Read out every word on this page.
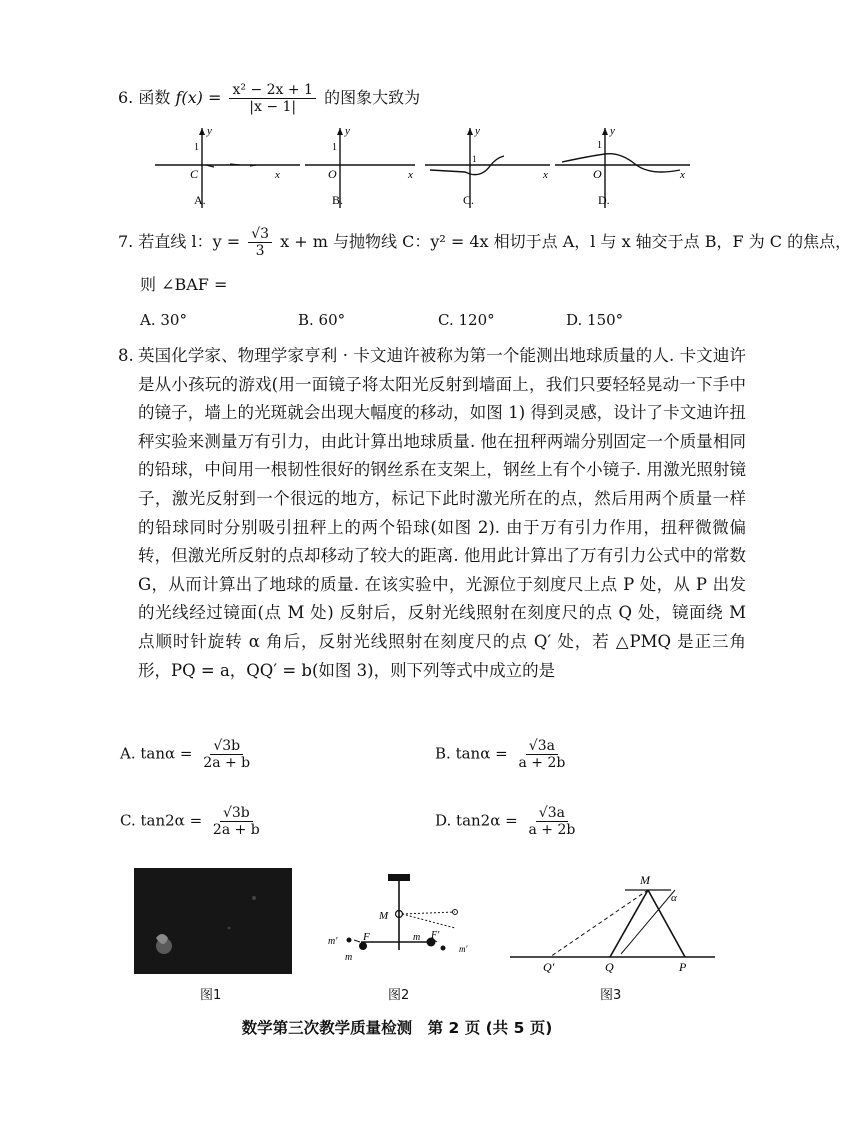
6. 函数 $f(x) = \frac{\text{x² − 2x + 1}}{|x - 1|}$ 的图象大致为
y
1
C	x
A.
y
1
O	x
B.
y
1
x
C.
y
1
O	x
D.
7. 若直线 l：$y = \frac{√3}{3}$ x + m 与抛物线 C：y² = 4x 相切于点 A，l 与 x 轴交于点 B，F 为 C 的焦点，
则 ∠BAF =
A. 30°	B. 60°	C. 120°	D. 150°
8. 英国化学家、物理学家亨利 · 卡文迪许被称为第一个能测出地球质量的人. 卡文迪许是从小孩玩的游戏(用一面镜子将太阳光反射到墙面上，我们只要轻轻晃动一下手中的镜子，墙上的光斑就会出现大幅度的移动，如图 1) 得到灵感，设计了卡文迪许扭秤实验来测量万有引力，由此计算出地球质量. 他在扭秤两端分别固定一个质量相同的铅球，中间用一根韧性很好的钢丝系在支架上，钢丝上有个小镜子. 用激光照射镜子，激光反射到一个很远的地方，标记下此时激光所在的点，然后用两个质量一样的铅球同时分别吸引扭秤上的两个铅球(如图 2). 由于万有引力作用，扭秤微微偏转，但激光所反射的点却移动了较大的距离. 他用此计算出了万有引力公式中的常数 G，从而计算出了地球的质量. 在该实验中，光源位于刻度尺上点 P 处，从 P 出发的光线经过镜面(点 M 处) 反射后，反射光线照射在刻度尺的点 Q 处，镜面绕 M 点顺时针旋转 α 角后，反射光线照射在刻度尺的点 Q′ 处，若 △PMQ 是正三角形，PQ = a，QQ′ = b(如图 3)，则下列等式中成立的是
A. $\tan\alpha = \frac{√3b}{2a + b}$	B. $\tan\alpha = \frac{√3a}{a + 2b}$
C. $\tan 2\alpha = \frac{√3b}{2a + b}$	D. $\tan 2\alpha = \frac{√3a}{a + 2b}$
图1
M
m′ F
m
m F′
m′
图2
M
α
Q′	Q	P
图3
数学第三次教学质量检测　第 2 页 (共 5 页)
